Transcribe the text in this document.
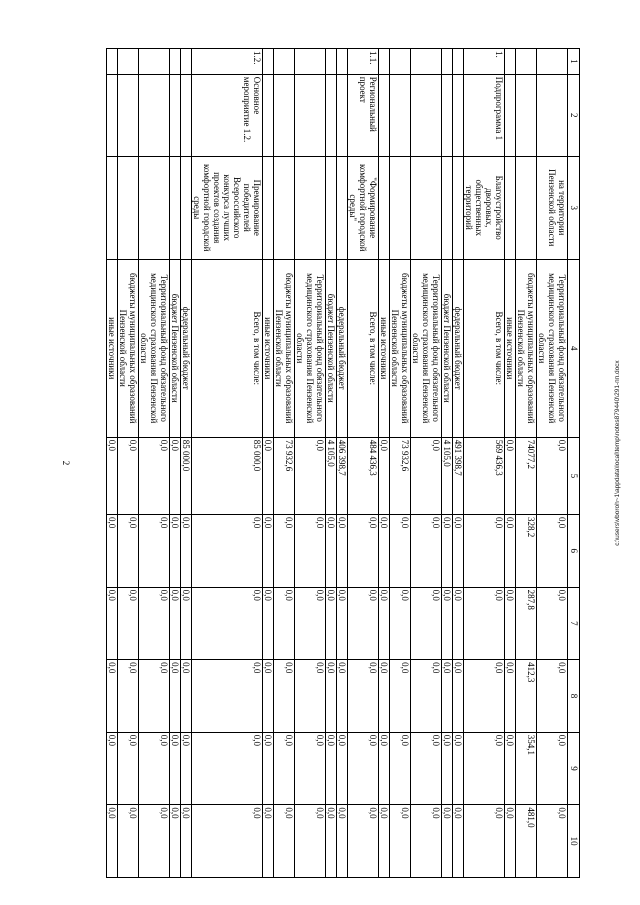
2
1	2	3	4	5	6	7	8	9	10
		на территории Пензенской области	Территориальный фонд обязательного медицинского страхования Пензенской области	0,0	0,0	0,0	0,0	0,0	0,0
			бюджеты муниципальных образований Пензенской области	74077,2	328,2	287,8	412,3	354,1	481,0
			иные источники	0,0	0,0	0,0	0,0	0,0	0,0
1.	Подпрограмма 1	Благоустройство дворовых, общественных территорий	Всего, в том числе:	569 436,3	0,0	0,0	0,0	0,0	0,0
			федеральный бюджет	491 398,7	0,0	0,0	0,0	0,0	0,0
			бюджет Пензенской области	4 105,0	0,0	0,0	0,0	0,0	0,0
			Территориальный фонд обязательного медицинского страхования Пензенской области	0,0	0,0	0,0	0,0	0,0	0,0
			бюджеты муниципальных образований Пензенской области	73 932,6	0,0	0,0	0,0	0,0	0,0
			иные источники	0,0	0,0	0,0	0,0	0,0	0,0
1.1.	Региональный проект	"Формирование комфортной городской среды"	Всего, в том числе:	484 436,3	0,0	0,0	0,0	0,0	0,0
			федеральный бюджет	406 398,7	0,0	0,0	0,0	0,0	0,0
			бюджет Пензенской области	4 105,0	0,0	0,0	0,0	0,0	0,0
			Территориальный фонд обязательного медицинского страхования Пензенской области	0,0	0,0	0,0	0,0	0,0	0,0
			бюджеты муниципальных образований Пензенской области	73 932,6	0,0	0,0	0,0	0,0	0,0
			иные источники	0,0	0,0	0,0	0,0	0,0	0,0
1.2.	Основное мероприятие 1.2.	Премирование победителей Всероссийского конкурса лучших проектов создания комфортной городской среды	Всего, в том числе:	85 000,0	0,0	0,0	0,0	0,0	0,0
			федеральный бюджет	85 000,0	0,0	0,0	0,0	0,0	0,0
			бюджет Пензенской области	0,0	0,0	0,0	0,0	0,0	0,0
			Территориальный фонд обязательного медицинского страхования Пензенской области	0,0	0,0	0,0	0,0	0,0	0,0
			бюджеты муниципальных образований Пензенской области	0,0	0,0	0,0	0,0	0,0	0,0
			иные источники	0,0	0,0	0,0	0,0	0,0	0,0
c:\users\vboroh~1\appdata\local\temp\notes879440\291-пп.docx
